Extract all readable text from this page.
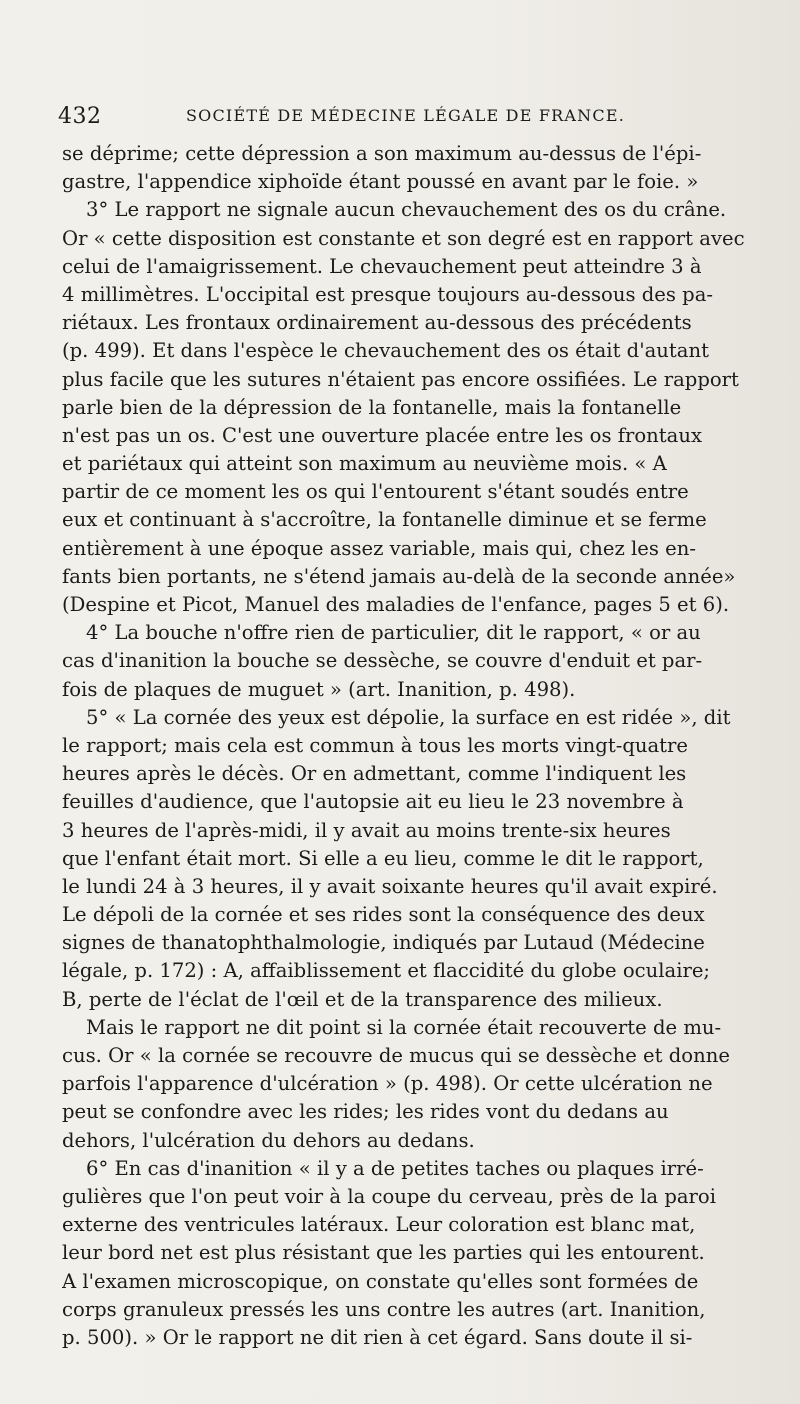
432	SOCIÉTÉ DE MÉDECINE LÉGALE DE FRANCE.
se déprime; cette dépression a son maximum au-dessus de l'épi-
gastre, l'appendice xiphoïde étant poussé en avant par le foie. »
3° Le rapport ne signale aucun chevauchement des os du crâne.
Or « cette disposition est constante et son degré est en rapport avec
celui de l'amaigrissement. Le chevauchement peut atteindre 3 à
4 millimètres. L'occipital est presque toujours au-dessous des pa-
riétaux. Les frontaux ordinairement au-dessous des précédents
(p. 499). Et dans l'espèce le chevauchement des os était d'autant
plus facile que les sutures n'étaient pas encore ossifiées. Le rapport
parle bien de la dépression de la fontanelle, mais la fontanelle
n'est pas un os. C'est une ouverture placée entre les os frontaux
et pariétaux qui atteint son maximum au neuvième mois. « A
partir de ce moment les os qui l'entourent s'étant soudés entre
eux et continuant à s'accroître, la fontanelle diminue et se ferme
entièrement à une époque assez variable, mais qui, chez les en-
fants bien portants, ne s'étend jamais au-delà de la seconde année»
(Despine et Picot, Manuel des maladies de l'enfance, pages 5 et 6).
4° La bouche n'offre rien de particulier, dit le rapport, « or au
cas d'inanition la bouche se dessèche, se couvre d'enduit et par-
fois de plaques de muguet » (art. Inanition, p. 498).
5° « La cornée des yeux est dépolie, la surface en est ridée », dit
le rapport; mais cela est commun à tous les morts vingt-quatre
heures après le décès. Or en admettant, comme l'indiquent les
feuilles d'audience, que l'autopsie ait eu lieu le 23 novembre à
3 heures de l'après-midi, il y avait au moins trente-six heures
que l'enfant était mort. Si elle a eu lieu, comme le dit le rapport,
le lundi 24 à 3 heures, il y avait soixante heures qu'il avait expiré.
Le dépoli de la cornée et ses rides sont la conséquence des deux
signes de thanatophthalmologie, indiqués par Lutaud (Médecine
légale, p. 172) : A, affaiblissement et flaccidité du globe oculaire;
B, perte de l'éclat de l'œil et de la transparence des milieux.
Mais le rapport ne dit point si la cornée était recouverte de mu-
cus. Or « la cornée se recouvre de mucus qui se dessèche et donne
parfois l'apparence d'ulcération » (p. 498). Or cette ulcération ne
peut se confondre avec les rides; les rides vont du dedans au
dehors, l'ulcération du dehors au dedans.
6° En cas d'inanition « il y a de petites taches ou plaques irré-
gulières que l'on peut voir à la coupe du cerveau, près de la paroi
externe des ventricules latéraux. Leur coloration est blanc mat,
leur bord net est plus résistant que les parties qui les entourent.
A l'examen microscopique, on constate qu'elles sont formées de
corps granuleux pressés les uns contre les autres (art. Inanition,
p. 500). » Or le rapport ne dit rien à cet égard. Sans doute il si-
